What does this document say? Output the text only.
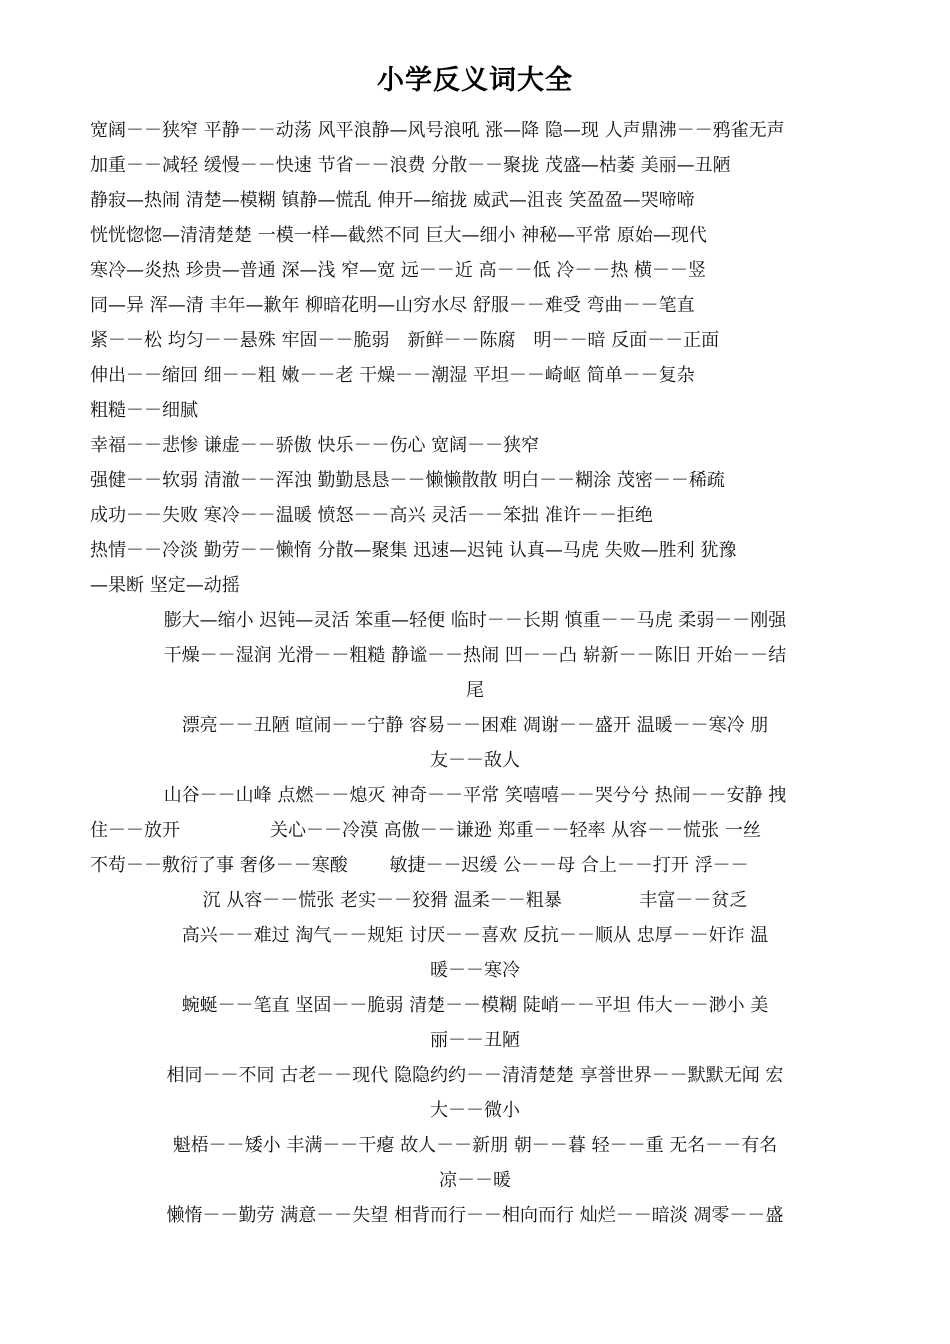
小学反义词大全
宽阔－－狭窄 平静－－动荡 风平浪静—风号浪吼 涨—降 隐—现 人声鼎沸－－鸦雀无声
加重－－减轻 缓慢－－快速 节省－－浪费 分散－－聚拢 茂盛—枯萎 美丽—丑陋
静寂—热闹 清楚—模糊 镇静—慌乱 伸开—缩拢 威武—沮丧 笑盈盈—哭啼啼
恍恍惚惚—清清楚楚 一模一样—截然不同 巨大—细小 神秘—平常 原始—现代
寒冷—炎热 珍贵—普通 深—浅 窄—宽 远－－近 高－－低 冷－－热 横－－竖
同—异 浑—清 丰年—歉年 柳暗花明—山穷水尽 舒服－－难受 弯曲－－笔直
紧－－松 均匀－－悬殊 牢固－－脆弱　新鲜－－陈腐　明－－暗 反面－－正面
伸出－－缩回 细－－粗 嫩－－老 干燥－－潮湿 平坦－－崎岖 简单－－复杂
粗糙－－细腻
幸福－－悲惨 谦虚－－骄傲 快乐－－伤心 宽阔－－狭窄
强健－－软弱 清澈－－浑浊 勤勤恳恳－－懒懒散散 明白－－糊涂 茂密－－稀疏
成功－－失败 寒冷－－温暖 愤怒－－高兴 灵活－－笨拙 准许－－拒绝
热情－－冷淡 勤劳－－懒惰 分散—聚集 迅速—迟钝 认真—马虎 失败—胜利 犹豫
—果断 坚定—动摇
膨大—缩小 迟钝—灵活 笨重—轻便 临时－－长期 慎重－－马虎 柔弱－－刚强
干燥－－湿润 光滑－－粗糙 静谧－－热闹 凹－－凸 崭新－－陈旧 开始－－结
尾
漂亮－－丑陋 喧闹－－宁静 容易－－困难 凋谢－－盛开 温暖－－寒冷 朋
友－－敌人
山谷－－山峰 点燃－－熄灭 神奇－－平常 笑嘻嘻－－哭兮兮 热闹－－安静 拽
住－－放开　　　　　关心－－冷漠 高傲－－谦逊 郑重－－轻率 从容－－慌张 一丝
不苟－－敷衍了事 奢侈－－寒酸　　 敏捷－－迟缓 公－－母 合上－－打开 浮－－
沉 从容－－慌张 老实－－狡猾 温柔－－粗暴　　　　 丰富－－贫乏
高兴－－难过 淘气－－规矩 讨厌－－喜欢 反抗－－顺从 忠厚－－奸诈 温
暖－－寒冷
蜿蜒－－笔直 坚固－－脆弱 清楚－－模糊 陡峭－－平坦 伟大－－渺小 美
丽－－丑陋
相同－－不同 古老－－现代 隐隐约约－－清清楚楚 享誉世界－－默默无闻 宏
大－－微小
魁梧－－矮小 丰满－－干瘪 故人－－新朋 朝－－暮 轻－－重 无名－－有名
凉－－暖
懒惰－－勤劳 满意－－失望 相背而行－－相向而行 灿烂－－暗淡 凋零－－盛
